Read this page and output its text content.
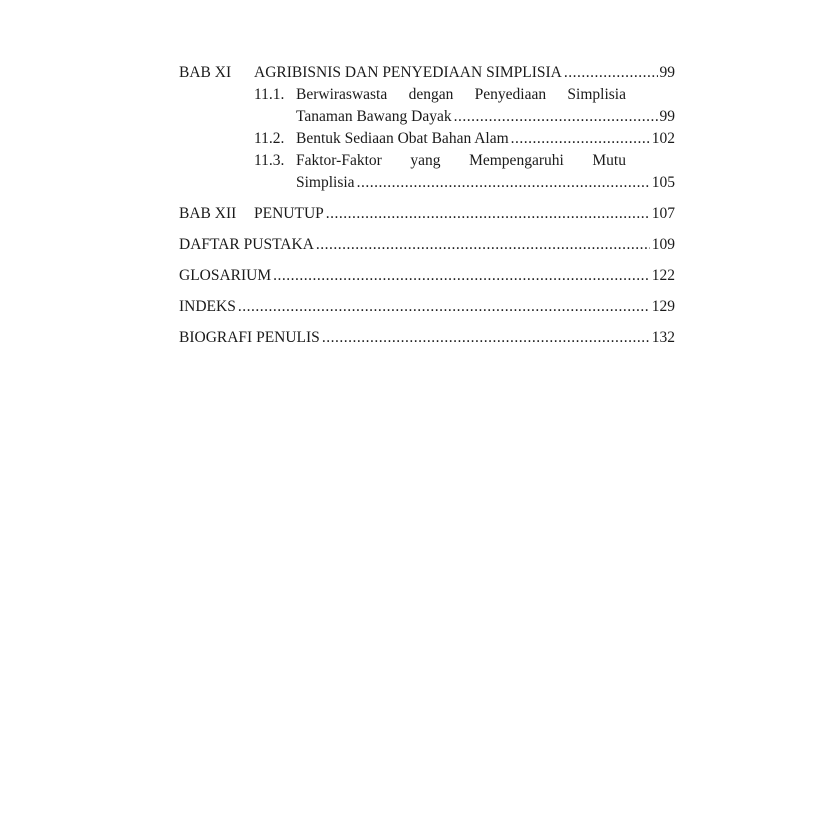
BAB XI	AGRIBISNIS DAN PENYEDIAAN SIMPLISIA .....	99
11.1. Berwiraswasta dengan Penyediaan Simplisia
Tanaman Bawang Dayak .....	99
11.2. Bentuk Sediaan Obat Bahan Alam .....	102
11.3. Faktor-Faktor yang Mempengaruhi Mutu
Simplisia .....	105
BAB XII	PENUTUP .....	107
DAFTAR PUSTAKA .....	109
GLOSARIUM .....	122
INDEKS .....	129
BIOGRAFI PENULIS .....	132
